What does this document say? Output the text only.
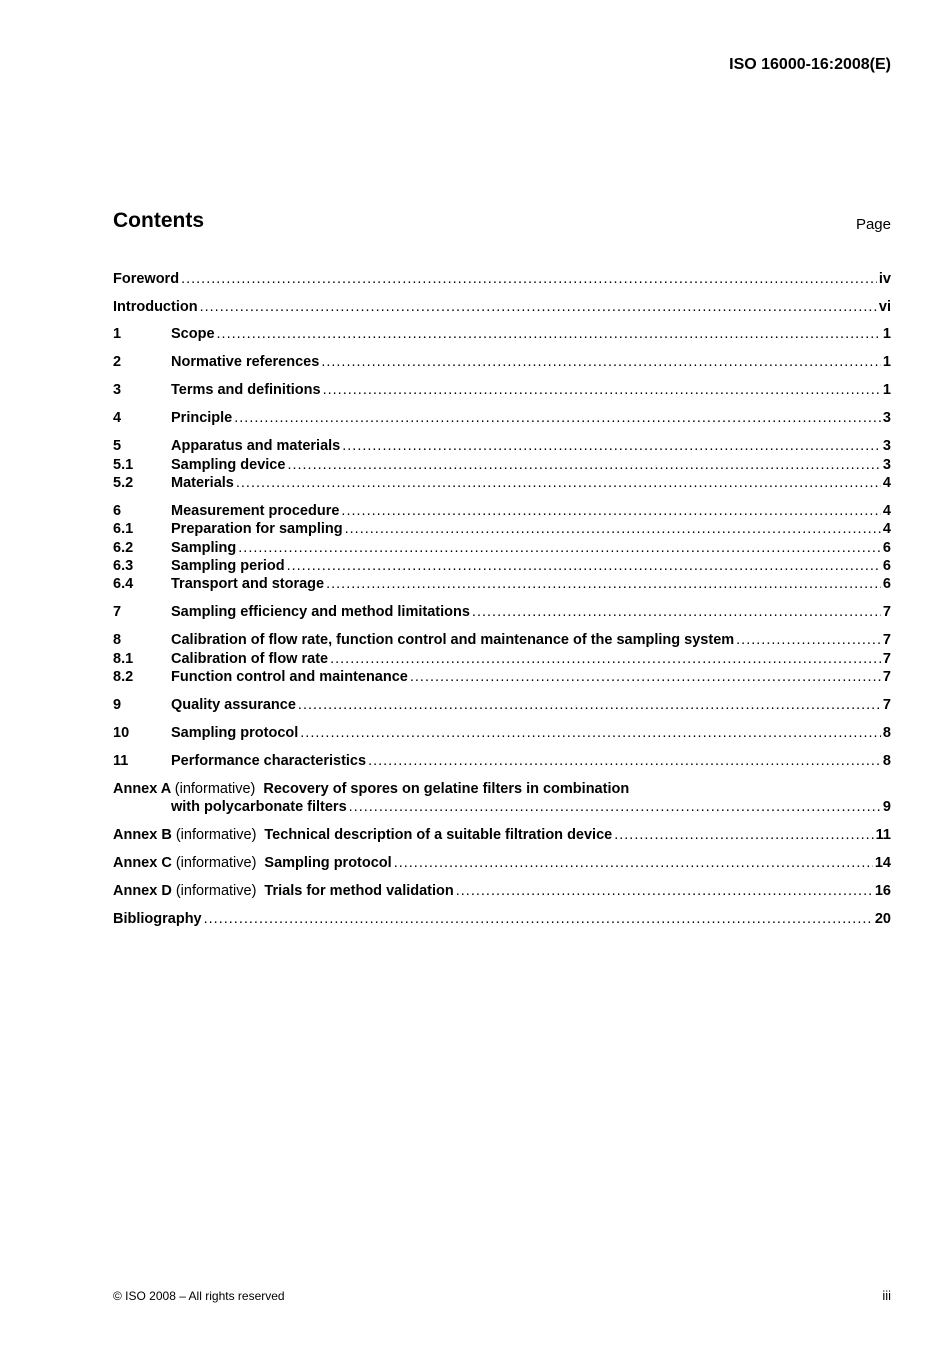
ISO 16000-16:2008(E)
Contents	Page
Foreword .....	iv
Introduction .....	vi
1	Scope .....	1
2	Normative references .....	1
3	Terms and definitions .....	1
4	Principle .....	3
5	Apparatus and materials .....	3
5.1	Sampling device .....	3
5.2	Materials .....	4
6	Measurement procedure .....	4
6.1	Preparation for sampling .....	4
6.2	Sampling .....	6
6.3	Sampling period .....	6
6.4	Transport and storage .....	6
7	Sampling efficiency and method limitations .....	7
8	Calibration of flow rate, function control and maintenance of the sampling system .....	7
8.1	Calibration of flow rate .....	7
8.2	Function control and maintenance .....	7
9	Quality assurance .....	7
10	Sampling protocol .....	8
11	Performance characteristics .....	8
Annex A (informative) Recovery of spores on gelatine filters in combination
with polycarbonate filters .....	9
Annex B (informative) Technical description of a suitable filtration device .....	11
Annex C (informative) Sampling protocol .....	14
Annex D (informative) Trials for method validation .....	16
Bibliography .....	20
© ISO 2008 – All rights reserved	iii
